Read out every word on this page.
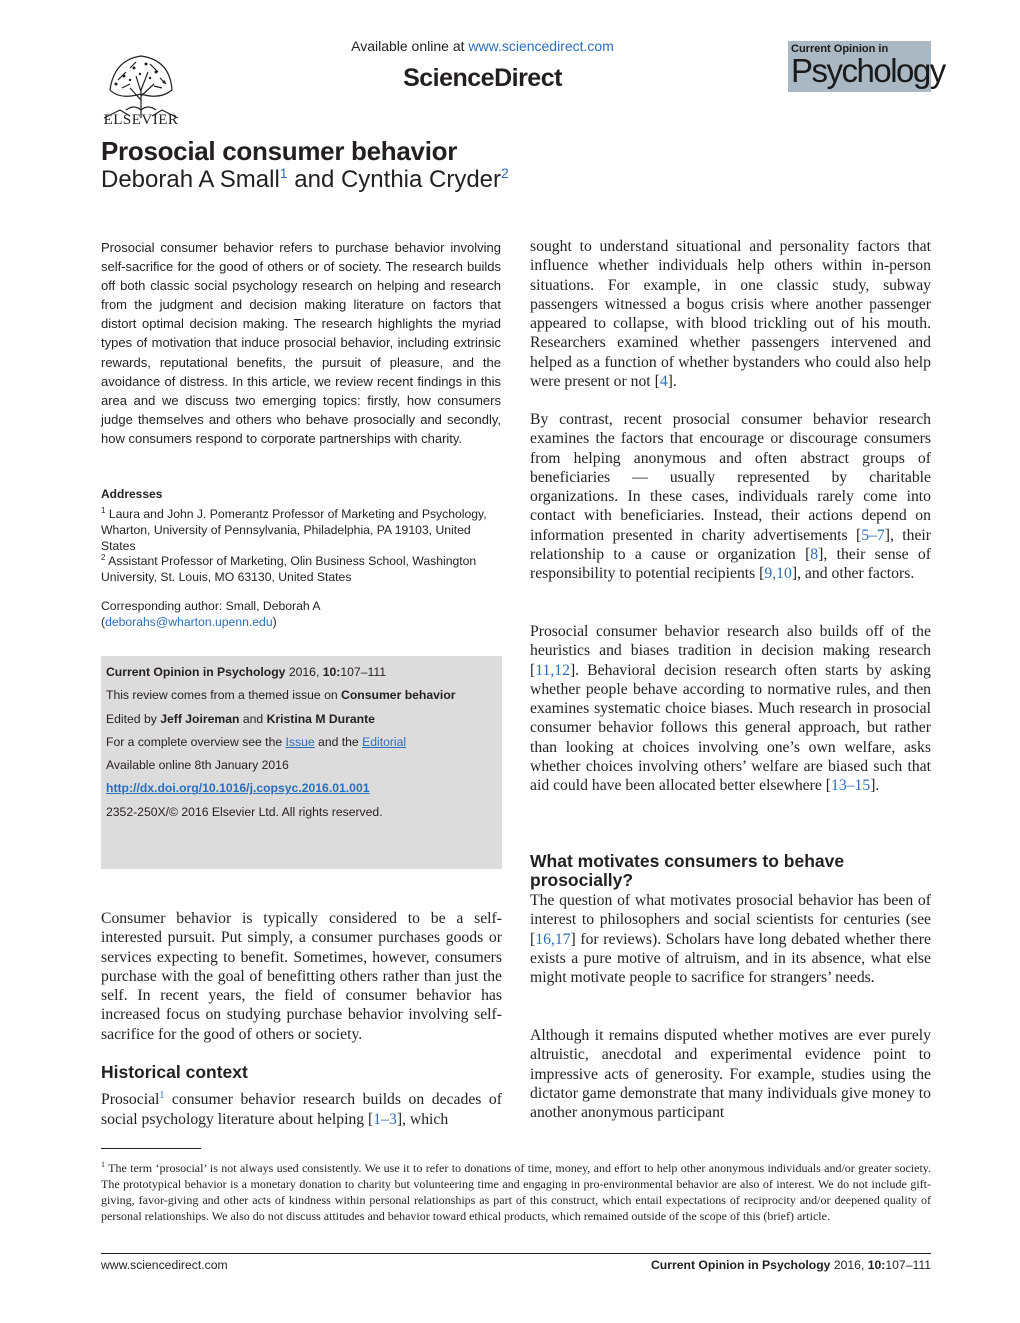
ELSEVIER
Available online at www.sciencedirect.com
ScienceDirect
Current Opinion in
Psychology
Prosocial consumer behavior
Deborah A Small$^1$ and Cynthia Cryder$^2$
Prosocial consumer behavior refers to purchase behavior involving self-sacrifice for the good of others or of society. The research builds off both classic social psychology research on helping and research from the judgment and decision making literature on factors that distort optimal decision making. The research highlights the myriad types of motivation that induce prosocial behavior, including extrinsic rewards, reputational benefits, the pursuit of pleasure, and the avoidance of distress. In this article, we review recent findings in this area and we discuss two emerging topics: firstly, how consumers judge themselves and others who behave prosocially and secondly, how consumers respond to corporate partnerships with charity.
Addresses
$^1$ Laura and John J. Pomerantz Professor of Marketing and Psychology, Wharton, University of Pennsylvania, Philadelphia, PA 19103, United States
$^2$ Assistant Professor of Marketing, Olin Business School, Washington University, St. Louis, MO 63130, United States
Corresponding author: Small, Deborah A
(deborahs@wharton.upenn.edu)
Current Opinion in Psychology 2016, 10:107–111
This review comes from a themed issue on Consumer behavior
Edited by Jeff Joireman and Kristina M Durante
For a complete overview see the Issue and the Editorial
Available online 8th January 2016
http://dx.doi.org/10.1016/j.copsyc.2016.01.001
2352-250X/© 2016 Elsevier Ltd. All rights reserved.
Consumer behavior is typically considered to be a self-interested pursuit. Put simply, a consumer purchases goods or services expecting to benefit. Sometimes, however, consumers purchase with the goal of benefitting others rather than just the self. In recent years, the field of consumer behavior has increased focus on studying purchase behavior involving self-sacrifice for the good of others or society.
Historical context
Prosocial$^1$ consumer behavior research builds on decades of social psychology literature about helping [1–3], which
sought to understand situational and personality factors that influence whether individuals help others within in-person situations. For example, in one classic study, subway passengers witnessed a bogus crisis where another passenger appeared to collapse, with blood trickling out of his mouth. Researchers examined whether passengers intervened and helped as a function of whether bystanders who could also help were present or not [4].
By contrast, recent prosocial consumer behavior research examines the factors that encourage or discourage consumers from helping anonymous and often abstract groups of beneficiaries — usually represented by charitable organizations. In these cases, individuals rarely come into contact with beneficiaries. Instead, their actions depend on information presented in charity advertisements [5–7], their relationship to a cause or organization [8], their sense of responsibility to potential recipients [9,10], and other factors.
Prosocial consumer behavior research also builds off of the heuristics and biases tradition in decision making research [11,12]. Behavioral decision research often starts by asking whether people behave according to normative rules, and then examines systematic choice biases. Much research in prosocial consumer behavior follows this general approach, but rather than looking at choices involving one’s own welfare, asks whether choices involving others’ welfare are biased such that aid could have been allocated better elsewhere [13–15].
What motivates consumers to behave prosocially?
The question of what motivates prosocial behavior has been of interest to philosophers and social scientists for centuries (see [16,17] for reviews). Scholars have long debated whether there exists a pure motive of altruism, and in its absence, what else might motivate people to sacrifice for strangers’ needs.
Although it remains disputed whether motives are ever purely altruistic, anecdotal and experimental evidence point to impressive acts of generosity. For example, studies using the dictator game demonstrate that many individuals give money to another anonymous participant
$^1$ The term ‘prosocial’ is not always used consistently. We use it to refer to donations of time, money, and effort to help other anonymous individuals and/or greater society. The prototypical behavior is a monetary donation to charity but volunteering time and engaging in pro-environmental behavior are also of interest. We do not include gift-giving, favor-giving and other acts of kindness within personal relationships as part of this construct, which entail expectations of reciprocity and/or deepened quality of personal relationships. We also do not discuss attitudes and behavior toward ethical products, which remained outside of the scope of this (brief) article.
www.sciencedirect.com	Current Opinion in Psychology 2016, 10:107–111
